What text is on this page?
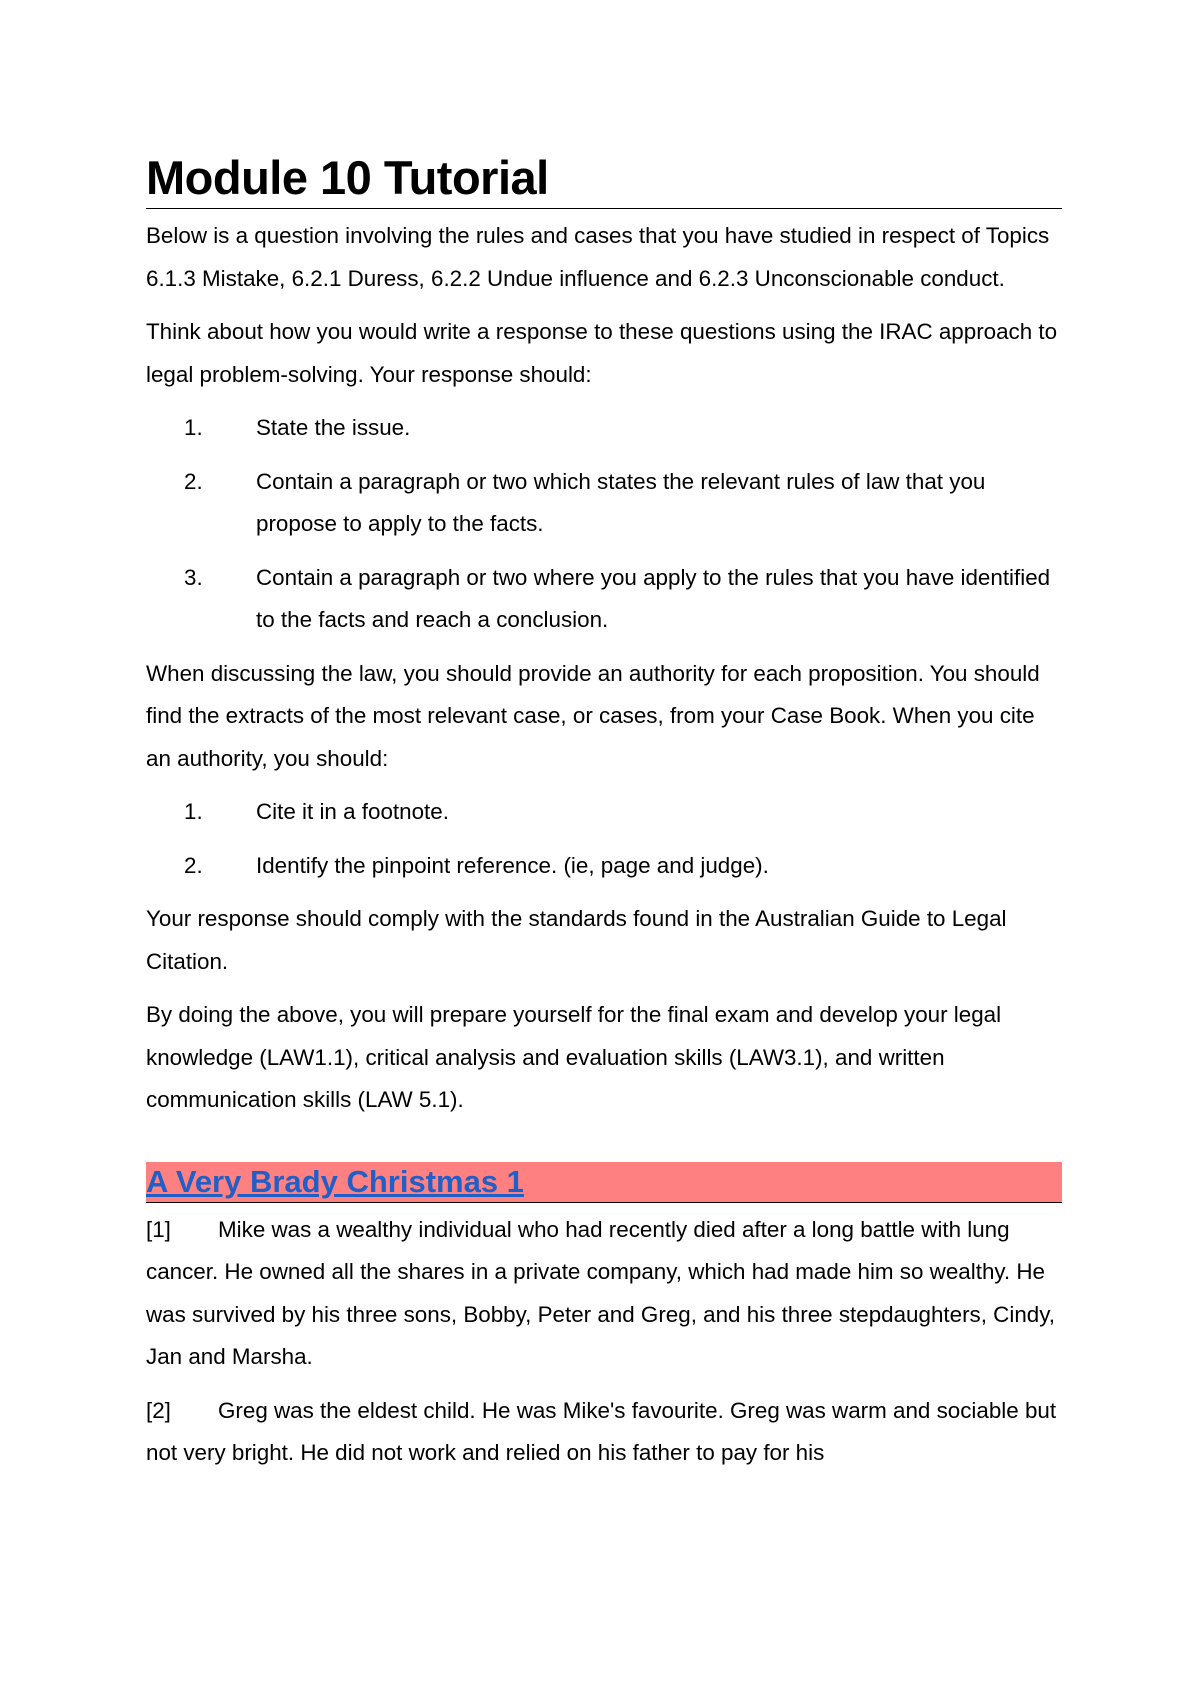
Module 10 Tutorial

Below is a question involving the rules and cases that you have studied in respect of Topics 6.1.3 Mistake, 6.2.1 Duress, 6.2.2 Undue influence and 6.2.3 Unconscionable conduct.

Think about how you would write a response to these questions using the IRAC approach to legal problem-solving. Your response should:

1.	State the issue.
2.	Contain a paragraph or two which states the relevant rules of law that you propose to apply to the facts.
3.	Contain a paragraph or two where you apply to the rules that you have identified to the facts and reach a conclusion.

When discussing the law, you should provide an authority for each proposition. You should find the extracts of the most relevant case, or cases, from your Case Book. When you cite an authority, you should:

1.	Cite it in a footnote.
2.	Identify the pinpoint reference. (ie, page and judge).

Your response should comply with the standards found in the Australian Guide to Legal Citation.

By doing the above, you will prepare yourself for the final exam and develop your legal knowledge (LAW1.1), critical analysis and evaluation skills (LAW3.1), and written communication skills (LAW 5.1).

A Very Brady Christmas 1

[1] Mike was a wealthy individual who had recently died after a long battle with lung cancer. He owned all the shares in a private company, which had made him so wealthy. He was survived by his three sons, Bobby, Peter and Greg, and his three stepdaughters, Cindy, Jan and Marsha.

[2] Greg was the eldest child. He was Mike's favourite. Greg was warm and sociable but not very bright. He did not work and relied on his father to pay for his
